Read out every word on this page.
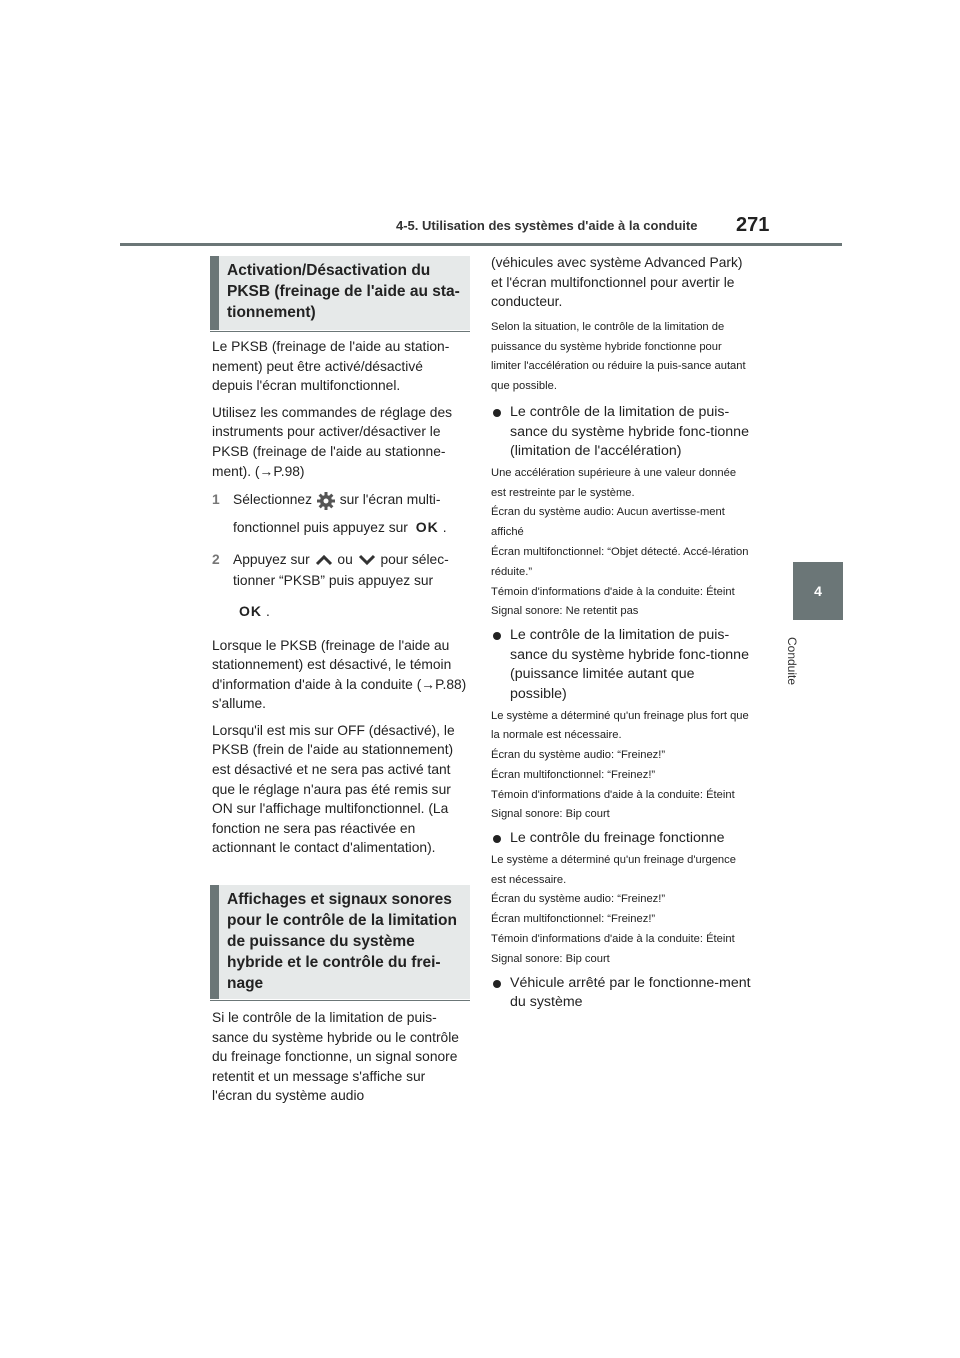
4-5. Utilisation des systèmes d'aide à la conduite 271
4
Conduite
Activation/Désactivation du
PKSB (freinage de l'aide au sta-
tionnement)

Le PKSB (freinage de l'aide au station-nement) peut être activé/désactivé depuis l'écran multifonctionnel.

Utilisez les commandes de réglage des instruments pour activer/désactiver le PKSB (freinage de l'aide au stationne-ment). (→P.98)

1 Sélectionnez sur l'écran multi-
fonctionnel puis appuyez sur OK .
2 Appuyez sur ou pour sélec-
tionner “PKSB” puis appuyez sur
OK .

Lorsque le PKSB (freinage de l'aide au stationnement) est désactivé, le témoin d'information d'aide à la conduite (→P.88) s'allume.

Lorsqu'il est mis sur OFF (désactivé), le PKSB (frein de l'aide au stationnement) est désactivé et ne sera pas activé tant que le réglage n'aura pas été remis sur ON sur l'affichage multifonctionnel. (La fonction ne sera pas réactivée en actionnant le contact d'alimentation).

Affichages et signaux sonores
pour le contrôle de la limitation
de puissance du système
hybride et le contrôle du frei-
nage

Si le contrôle de la limitation de puis-sance du système hybride ou le contrôle du freinage fonctionne, un signal sonore retentit et un message s'affiche sur l'écran du système audio

(véhicules avec système Advanced Park) et l'écran multifonctionnel pour avertir le conducteur.

Selon la situation, le contrôle de la limitation de puissance du système hybride fonctionne pour limiter l'accélération ou réduire la puis-sance autant que possible.

Le contrôle de la limitation de puis-sance du système hybride fonc-tionne (limitation de l'accélération)

Une accélération supérieure à une valeur donnée est restreinte par le système.

Écran du système audio: Aucun avertisse-ment affiché

Écran multifonctionnel: “Objet détecté. Accé-lération réduite.”

Témoin d'informations d'aide à la conduite: Éteint

Signal sonore: Ne retentit pas

Le contrôle de la limitation de puis-sance du système hybride fonc-tionne (puissance limitée autant que possible)

Le système a déterminé qu'un freinage plus fort que la normale est nécessaire.

Écran du système audio: “Freinez!”

Écran multifonctionnel: “Freinez!”

Témoin d'informations d'aide à la conduite: Éteint

Signal sonore: Bip court

Le contrôle du freinage fonctionne

Le système a déterminé qu'un freinage d'urgence est nécessaire.

Écran du système audio: “Freinez!”

Écran multifonctionnel: “Freinez!”

Témoin d'informations d'aide à la conduite: Éteint

Signal sonore: Bip court

Véhicule arrêté par le fonctionne-ment du système
